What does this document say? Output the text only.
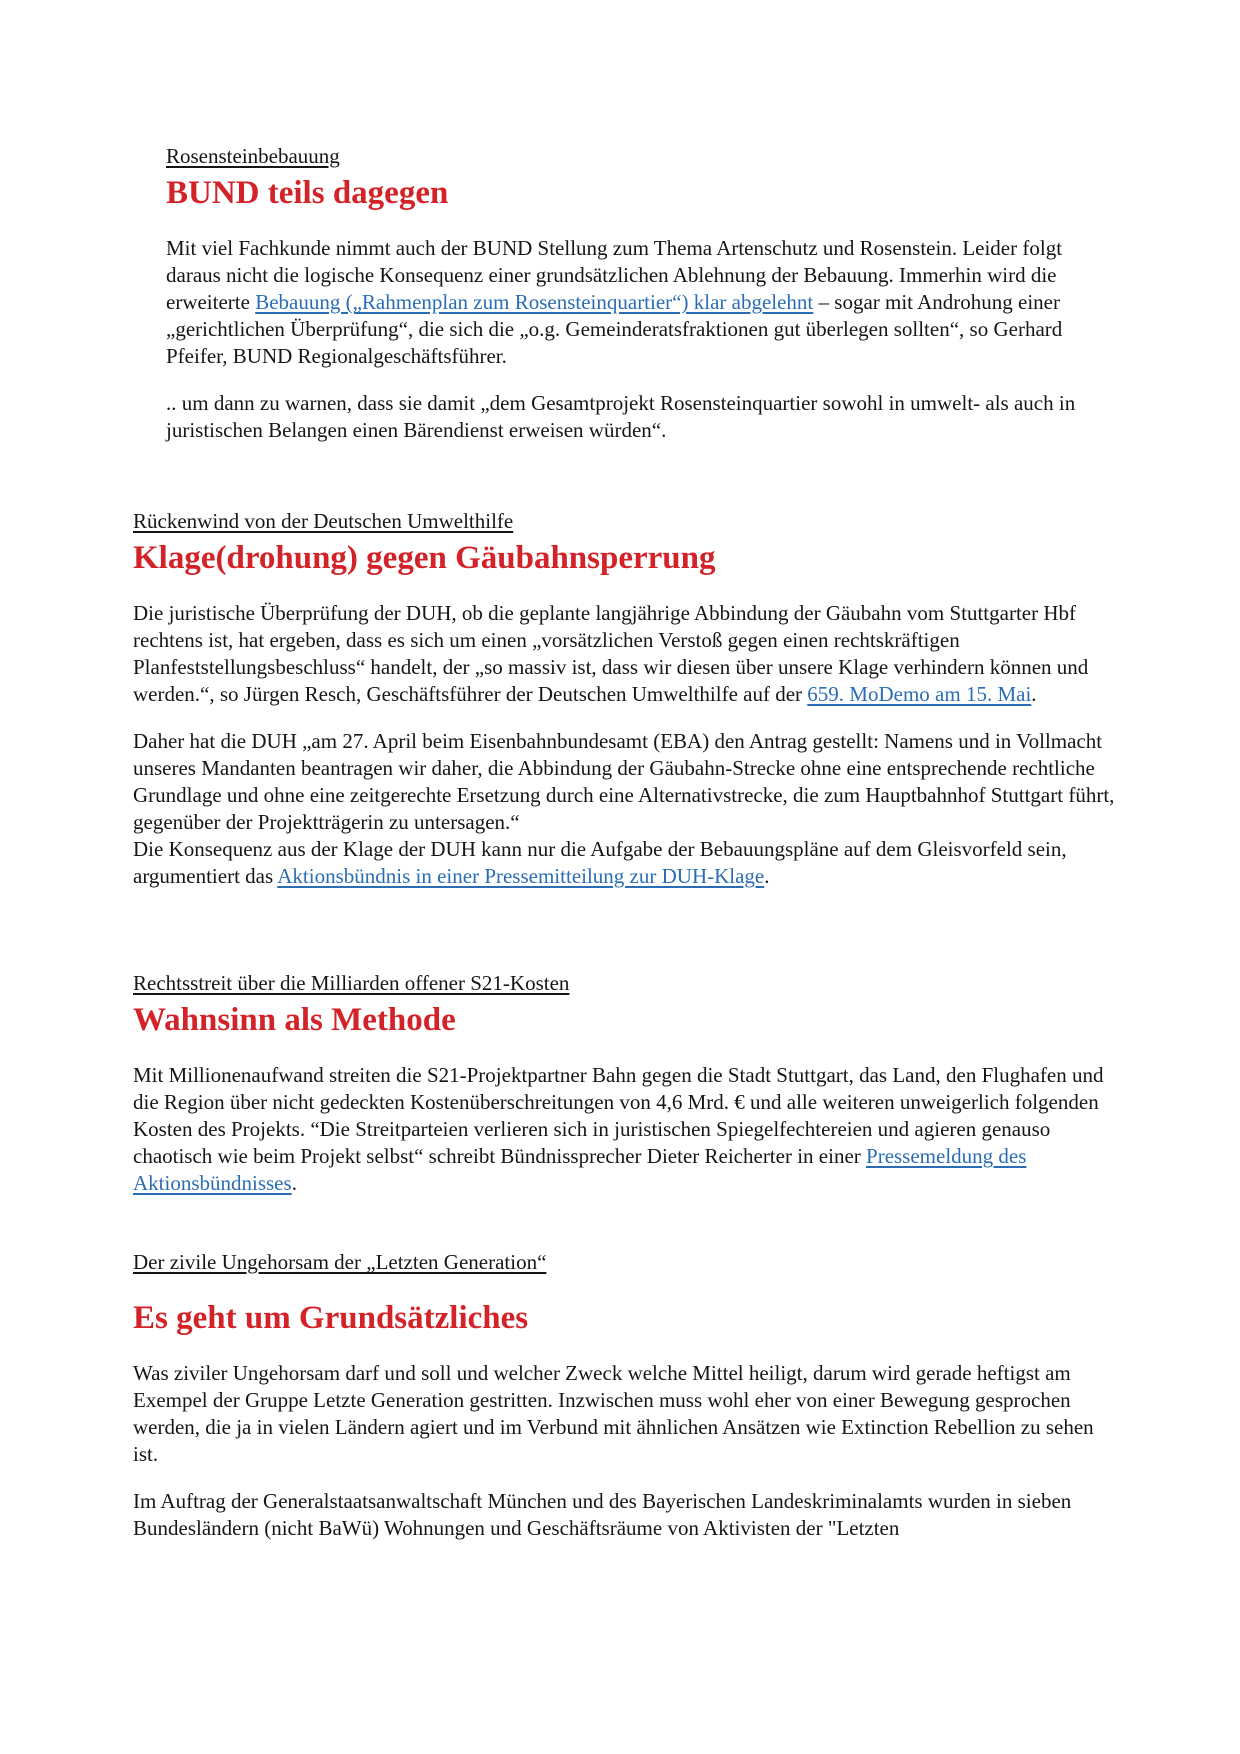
Rosensteinbebauung
BUND teils dagegen

Mit viel Fachkunde nimmt auch der BUND Stellung zum Thema Artenschutz und Rosenstein. Leider folgt daraus nicht die logische Konsequenz einer grundsätzlichen Ablehnung der Bebauung. Immerhin wird die erweiterte Bebauung („Rahmenplan zum Rosensteinquartier“) klar abgelehnt – sogar mit Androhung einer „gerichtlichen Überprüfung“, die sich die „o.g. Gemeinderatsfraktionen gut überlegen sollten“, so Gerhard Pfeifer, BUND Regionalgeschäftsführer.

.. um dann zu warnen, dass sie damit „dem Gesamtprojekt Rosensteinquartier sowohl in umwelt- als auch in juristischen Belangen einen Bärendienst erweisen würden“.

Rückenwind von der Deutschen Umwelthilfe
Klage(drohung) gegen Gäubahnsperrung

Die juristische Überprüfung der DUH, ob die geplante langjährige Abbindung der Gäubahn vom Stuttgarter Hbf rechtens ist, hat ergeben, dass es sich um einen „vorsätzlichen Verstoß gegen einen rechtskräftigen Planfeststellungsbeschluss“ handelt, der „so massiv ist, dass wir diesen über unsere Klage verhindern können und werden.“, so Jürgen Resch, Geschäftsführer der Deutschen Umwelthilfe auf der 659. MoDemo am 15. Mai.

Daher hat die DUH „am 27. April beim Eisenbahnbundesamt (EBA) den Antrag gestellt: Namens und in Vollmacht unseres Mandanten beantragen wir daher, die Abbindung der Gäubahn-Strecke ohne eine entsprechende rechtliche Grundlage und ohne eine zeitgerechte Ersetzung durch eine Alternativstrecke, die zum Hauptbahnhof Stuttgart führt, gegenüber der Projektträgerin zu untersagen.“

Die Konsequenz aus der Klage der DUH kann nur die Aufgabe der Bebauungspläne auf dem Gleisvorfeld sein, argumentiert das Aktionsbündnis in einer Pressemitteilung zur DUH-Klage.

Rechtsstreit über die Milliarden offener S21-Kosten
Wahnsinn als Methode

Mit Millionenaufwand streiten die S21-Projektpartner Bahn gegen die Stadt Stuttgart, das Land, den Flughafen und die Region über nicht gedeckten Kostenüberschreitungen von 4,6 Mrd. € und alle weiteren unweigerlich folgenden Kosten des Projekts. “Die Streitparteien verlieren sich in juristischen Spiegelfechtereien und agieren genauso chaotisch wie beim Projekt selbst“ schreibt Bündnissprecher Dieter Reicherter in einer Pressemeldung des Aktionsbündnisses.

Der zivile Ungehorsam der „Letzten Generation“
Es geht um Grundsätzliches

Was ziviler Ungehorsam darf und soll und welcher Zweck welche Mittel heiligt, darum wird gerade heftigst am Exempel der Gruppe Letzte Generation gestritten. Inzwischen muss wohl eher von einer Bewegung gesprochen werden, die ja in vielen Ländern agiert und im Verbund mit ähnlichen Ansätzen wie Extinction Rebellion zu sehen ist.

Im Auftrag der Generalstaatsanwaltschaft München und des Bayerischen Landeskriminalamts wurden in sieben Bundesländern (nicht BaWü) Wohnungen und Geschäftsräume von Aktivisten der "Letzten
